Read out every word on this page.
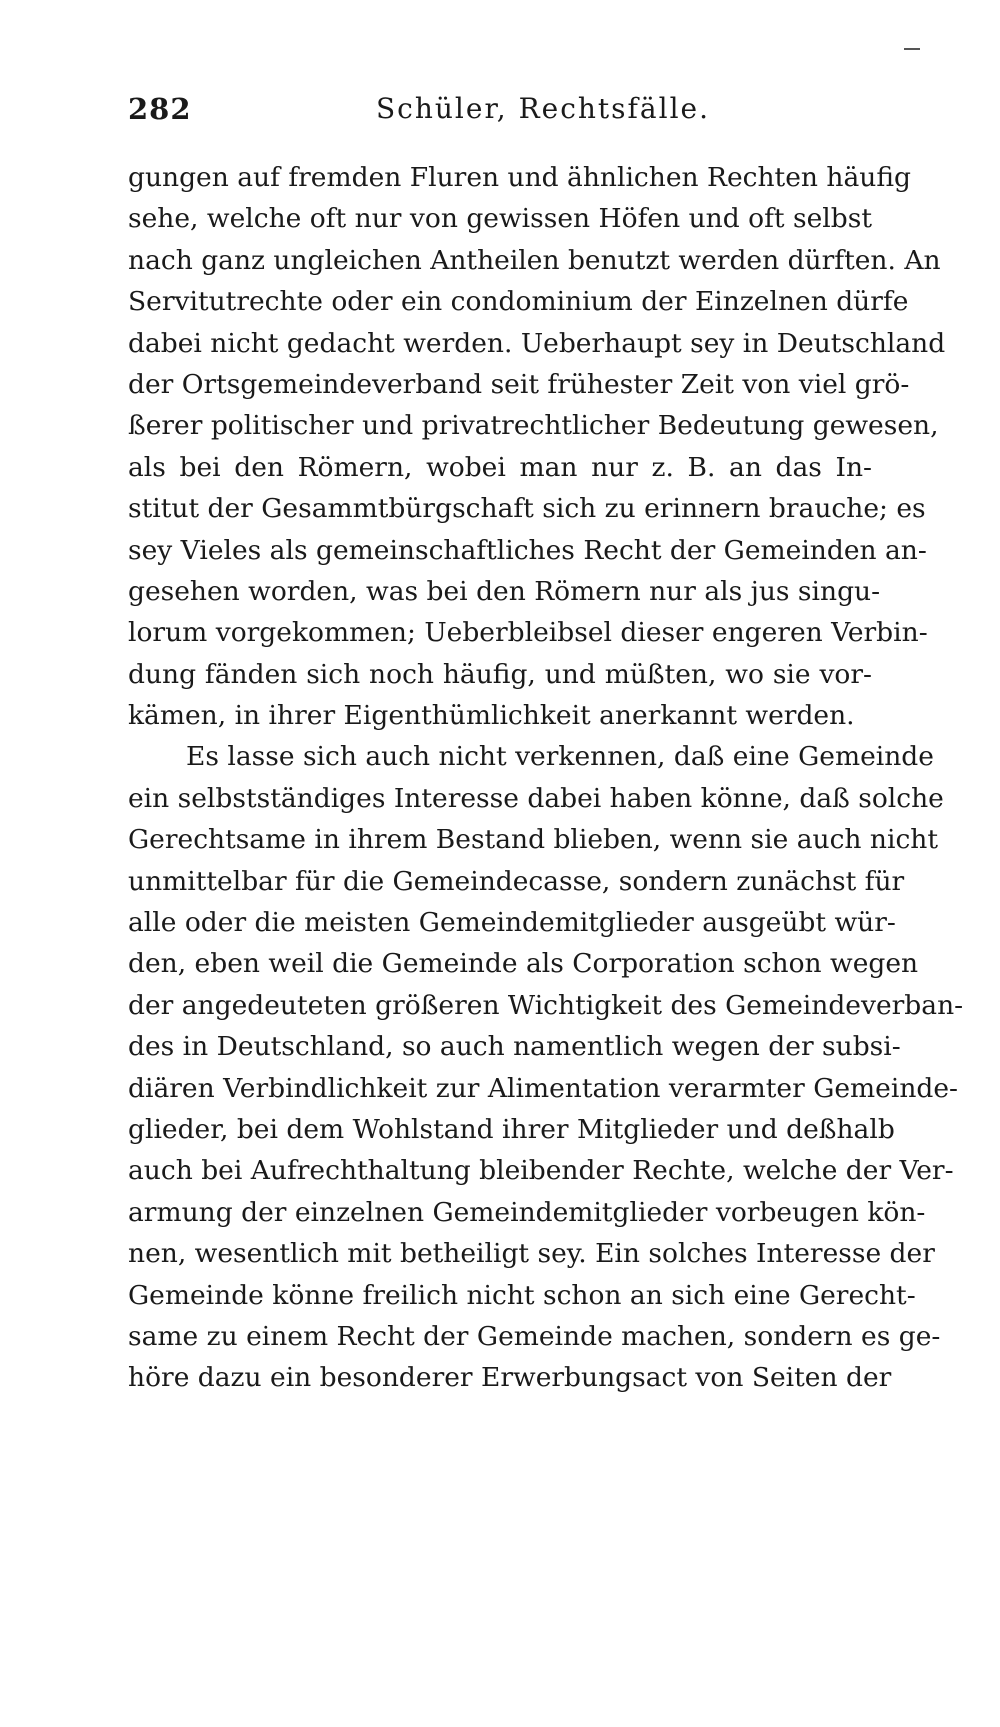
282	Schüler, Rechtsfälle.
gungen auf fremden Fluren und ähnlichen Rechten häufig
sehe, welche oft nur von gewissen Höfen und oft selbst
nach ganz ungleichen Antheilen benutzt werden dürften. An
Servitutrechte oder ein condominium der Einzelnen dürfe
dabei nicht gedacht werden. Ueberhaupt sey in Deutschland
der Ortsgemeindeverband seit frühester Zeit von viel grö-
ßerer politischer und privatrechtlicher Bedeutung gewesen,
als bei den Römern, wobei man nur z. B. an das In-
stitut der Gesammtbürgschaft sich zu erinnern brauche; es
sey Vieles als gemeinschaftliches Recht der Gemeinden an-
gesehen worden, was bei den Römern nur als jus singu-
lorum vorgekommen; Ueberbleibsel dieser engeren Verbin-
dung fänden sich noch häufig, und müßten, wo sie vor-
kämen, in ihrer Eigenthümlichkeit anerkannt werden.
Es lasse sich auch nicht verkennen, daß eine Gemeinde
ein selbstständiges Interesse dabei haben könne, daß solche
Gerechtsame in ihrem Bestand blieben, wenn sie auch nicht
unmittelbar für die Gemeindecasse, sondern zunächst für
alle oder die meisten Gemeindemitglieder ausgeübt wür-
den, eben weil die Gemeinde als Corporation schon wegen
der angedeuteten größeren Wichtigkeit des Gemeindeverban-
des in Deutschland, so auch namentlich wegen der subsi-
diären Verbindlichkeit zur Alimentation verarmter Gemeinde-
glieder, bei dem Wohlstand ihrer Mitglieder und deßhalb
auch bei Aufrechthaltung bleibender Rechte, welche der Ver-
armung der einzelnen Gemeindemitglieder vorbeugen kön-
nen, wesentlich mit betheiligt sey. Ein solches Interesse der
Gemeinde könne freilich nicht schon an sich eine Gerecht-
same zu einem Recht der Gemeinde machen, sondern es ge-
höre dazu ein besonderer Erwerbungsact von Seiten der
